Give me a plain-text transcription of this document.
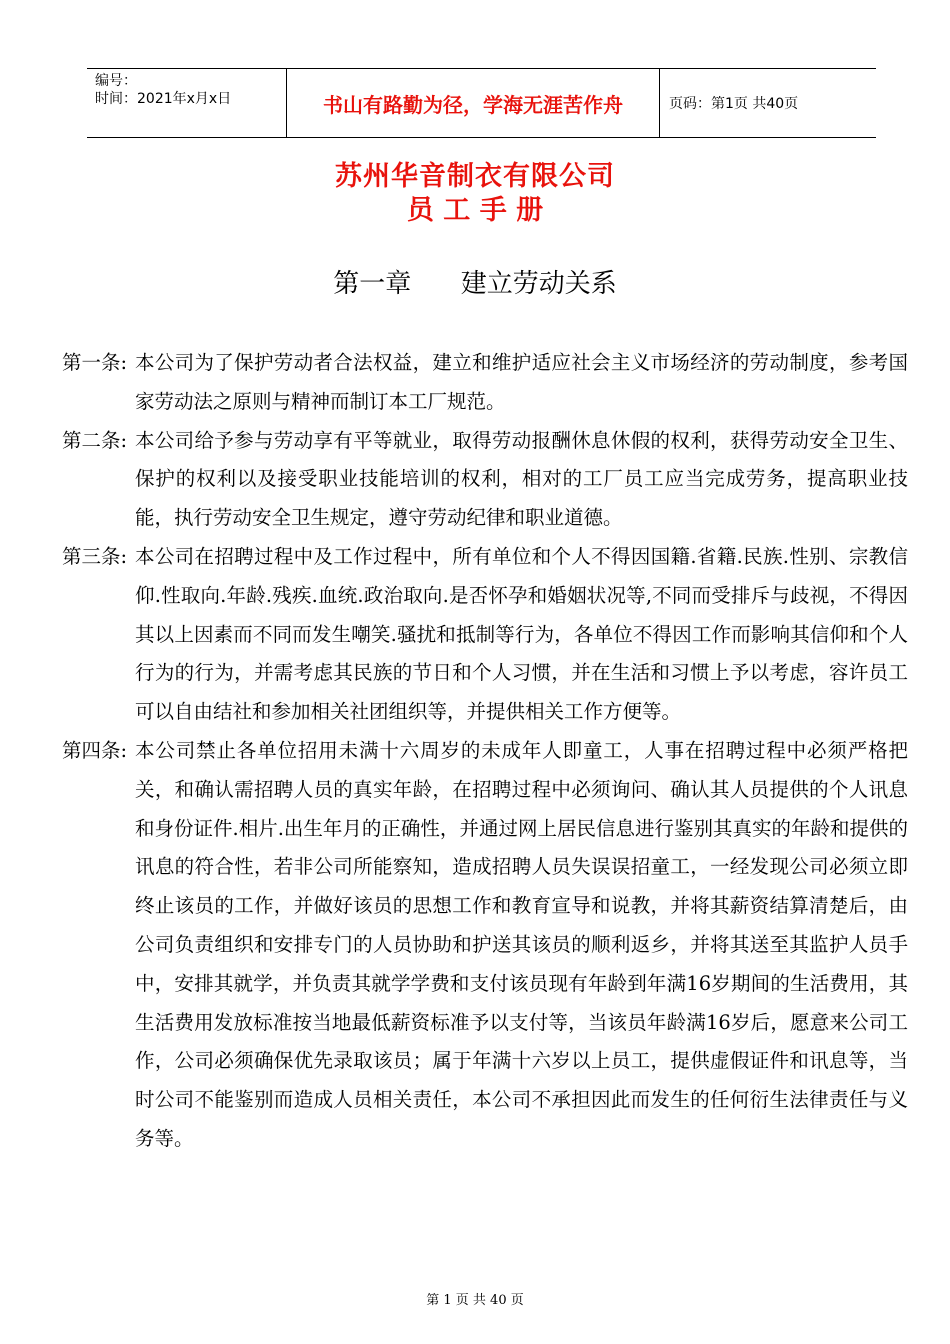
编号：
时间：2021年x月x日	书山有路勤为径，学海无涯苦作舟	页码：第1页 共40页
苏州华音制衣有限公司
员 工 手 册
第一章      建立劳动关系
第一条: 本公司为了保护劳动者合法权益，建立和维护适应社会主义市场经济的劳动制度，参考国家劳动法之原则与精神而制订本工厂规范。
第二条: 本公司给予参与劳动享有平等就业，取得劳动报酬休息休假的权利，获得劳动安全卫生、保护的权利以及接受职业技能培训的权利，相对的工厂员工应当完成劳务，提高职业技能，执行劳动安全卫生规定，遵守劳动纪律和职业道德。
第三条: 本公司在招聘过程中及工作过程中，所有单位和个人不得因国籍.省籍.民族.性别、宗教信仰.性取向.年龄.残疾.血统.政治取向.是否怀孕和婚姻状况等,不同而受排斥与歧视，不得因其以上因素而不同而发生嘲笑.骚扰和抵制等行为，各单位不得因工作而影响其信仰和个人行为的行为，并需考虑其民族的节日和个人习惯，并在生活和习惯上予以考虑，容许员工可以自由结社和参加相关社团组织等，并提供相关工作方便等。
第四条: 本公司禁止各单位招用未满十六周岁的未成年人即童工，人事在招聘过程中必须严格把关，和确认需招聘人员的真实年龄，在招聘过程中必须询问、确认其人员提供的个人讯息和身份证件.相片.出生年月的正确性，并通过网上居民信息进行鉴别其真实的年龄和提供的讯息的符合性，若非公司所能察知，造成招聘人员失误误招童工，一经发现公司必须立即终止该员的工作，并做好该员的思想工作和教育宣导和说教，并将其薪资结算清楚后，由公司负责组织和安排专门的人员协助和护送其该员的顺利返乡，并将其送至其监护人员手中，安排其就学，并负责其就学学费和支付该员现有年龄到年满16岁期间的生活费用，其生活费用发放标准按当地最低薪资标准予以支付等，当该员年龄满16岁后，愿意来公司工作，公司必须确保优先录取该员；属于年满十六岁以上员工，提供虚假证件和讯息等，当时公司不能鉴别而造成人员相关责任，本公司不承担因此而发生的任何衍生法律责任与义务等。
第 1 页 共 40 页
